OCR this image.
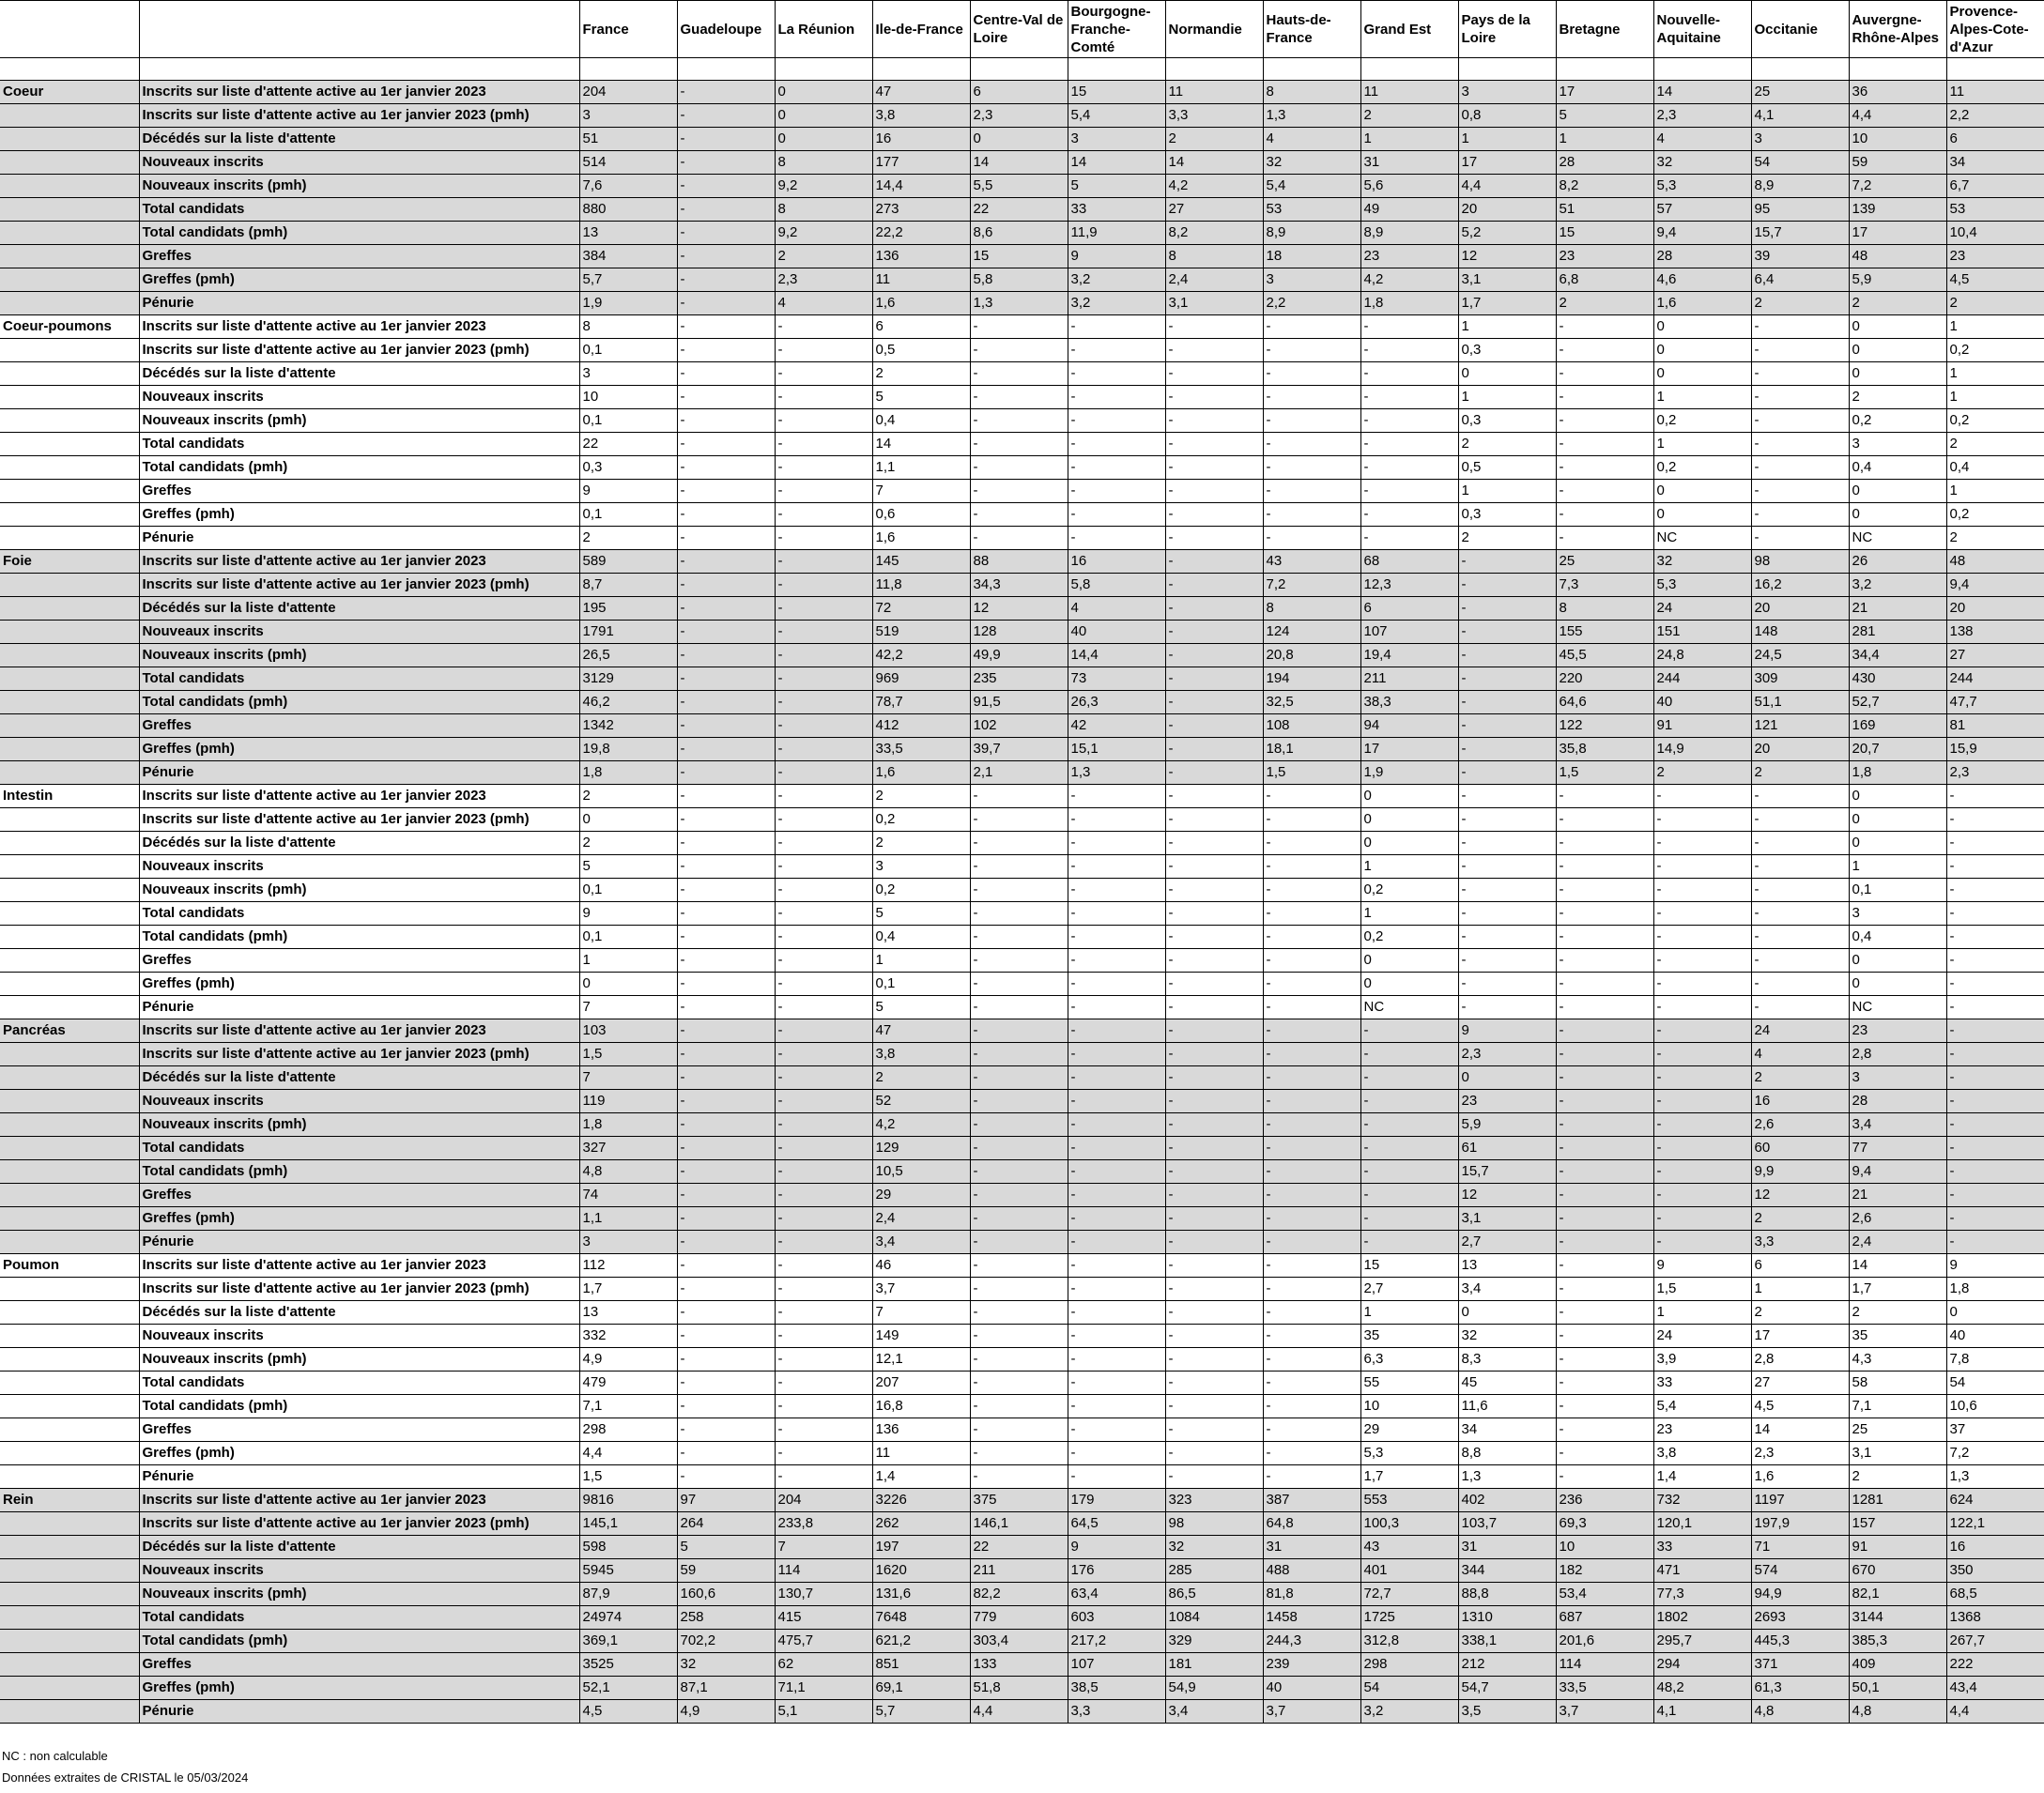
		France	Guadeloupe	La Réunion	Ile-de-France	Centre-Val de Loire	Bourgogne-Franche-Comté	Normandie	Hauts-de-France	Grand Est	Pays de la Loire	Bretagne	Nouvelle-Aquitaine	Occitanie	Auvergne-Rhône-Alpes	Provence-Alpes-Cote-d'Azur

Coeur	Inscrits sur liste d'attente active au 1er janvier 2023	204	-	0	47	6	15	11	8	11	3	17	14	25	36	11
	Inscrits sur liste d'attente active au 1er janvier 2023 (pmh)	3	-	0	3,8	2,3	5,4	3,3	1,3	2	0,8	5	2,3	4,1	4,4	2,2
	Décédés sur la liste d'attente	51	-	0	16	0	3	2	4	1	1	1	4	3	10	6
	Nouveaux inscrits	514	-	8	177	14	14	14	32	31	17	28	32	54	59	34
	Nouveaux inscrits (pmh)	7,6	-	9,2	14,4	5,5	5	4,2	5,4	5,6	4,4	8,2	5,3	8,9	7,2	6,7
	Total candidats	880	-	8	273	22	33	27	53	49	20	51	57	95	139	53
	Total candidats (pmh)	13	-	9,2	22,2	8,6	11,9	8,2	8,9	8,9	5,2	15	9,4	15,7	17	10,4
	Greffes	384	-	2	136	15	9	8	18	23	12	23	28	39	48	23
	Greffes (pmh)	5,7	-	2,3	11	5,8	3,2	2,4	3	4,2	3,1	6,8	4,6	6,4	5,9	4,5
	Pénurie	1,9	-	4	1,6	1,3	3,2	3,1	2,2	1,8	1,7	2	1,6	2	2	2
Coeur-poumons	Inscrits sur liste d'attente active au 1er janvier 2023	8	-	-	6	-	-	-	-	-	1	-	0	-	0	1
	Inscrits sur liste d'attente active au 1er janvier 2023 (pmh)	0,1	-	-	0,5	-	-	-	-	-	0,3	-	0	-	0	0,2
	Décédés sur la liste d'attente	3	-	-	2	-	-	-	-	-	0	-	0	-	0	1
	Nouveaux inscrits	10	-	-	5	-	-	-	-	-	1	-	1	-	2	1
	Nouveaux inscrits (pmh)	0,1	-	-	0,4	-	-	-	-	-	0,3	-	0,2	-	0,2	0,2
	Total candidats	22	-	-	14	-	-	-	-	-	2	-	1	-	3	2
	Total candidats (pmh)	0,3	-	-	1,1	-	-	-	-	-	0,5	-	0,2	-	0,4	0,4
	Greffes	9	-	-	7	-	-	-	-	-	1	-	0	-	0	1
	Greffes (pmh)	0,1	-	-	0,6	-	-	-	-	-	0,3	-	0	-	0	0,2
	Pénurie	2	-	-	1,6	-	-	-	-	-	2	-	NC	-	NC	2
Foie	Inscrits sur liste d'attente active au 1er janvier 2023	589	-	-	145	88	16	-	43	68	-	25	32	98	26	48
	Inscrits sur liste d'attente active au 1er janvier 2023 (pmh)	8,7	-	-	11,8	34,3	5,8	-	7,2	12,3	-	7,3	5,3	16,2	3,2	9,4
	Décédés sur la liste d'attente	195	-	-	72	12	4	-	8	6	-	8	24	20	21	20
	Nouveaux inscrits	1791	-	-	519	128	40	-	124	107	-	155	151	148	281	138
	Nouveaux inscrits (pmh)	26,5	-	-	42,2	49,9	14,4	-	20,8	19,4	-	45,5	24,8	24,5	34,4	27
	Total candidats	3129	-	-	969	235	73	-	194	211	-	220	244	309	430	244
	Total candidats (pmh)	46,2	-	-	78,7	91,5	26,3	-	32,5	38,3	-	64,6	40	51,1	52,7	47,7
	Greffes	1342	-	-	412	102	42	-	108	94	-	122	91	121	169	81
	Greffes (pmh)	19,8	-	-	33,5	39,7	15,1	-	18,1	17	-	35,8	14,9	20	20,7	15,9
	Pénurie	1,8	-	-	1,6	2,1	1,3	-	1,5	1,9	-	1,5	2	2	1,8	2,3
Intestin	Inscrits sur liste d'attente active au 1er janvier 2023	2	-	-	2	-	-	-	-	0	-	-	-	-	0	-
	Inscrits sur liste d'attente active au 1er janvier 2023 (pmh)	0	-	-	0,2	-	-	-	-	0	-	-	-	-	0	-
	Décédés sur la liste d'attente	2	-	-	2	-	-	-	-	0	-	-	-	-	0	-
	Nouveaux inscrits	5	-	-	3	-	-	-	-	1	-	-	-	-	1	-
	Nouveaux inscrits (pmh)	0,1	-	-	0,2	-	-	-	-	0,2	-	-	-	-	0,1	-
	Total candidats	9	-	-	5	-	-	-	-	1	-	-	-	-	3	-
	Total candidats (pmh)	0,1	-	-	0,4	-	-	-	-	0,2	-	-	-	-	0,4	-
	Greffes	1	-	-	1	-	-	-	-	0	-	-	-	-	0	-
	Greffes (pmh)	0	-	-	0,1	-	-	-	-	0	-	-	-	-	0	-
	Pénurie	7	-	-	5	-	-	-	-	NC	-	-	-	-	NC	-
Pancréas	Inscrits sur liste d'attente active au 1er janvier 2023	103	-	-	47	-	-	-	-	-	9	-	-	24	23	-
	Inscrits sur liste d'attente active au 1er janvier 2023 (pmh)	1,5	-	-	3,8	-	-	-	-	-	2,3	-	-	4	2,8	-
	Décédés sur la liste d'attente	7	-	-	2	-	-	-	-	-	0	-	-	2	3	-
	Nouveaux inscrits	119	-	-	52	-	-	-	-	-	23	-	-	16	28	-
	Nouveaux inscrits (pmh)	1,8	-	-	4,2	-	-	-	-	-	5,9	-	-	2,6	3,4	-
	Total candidats	327	-	-	129	-	-	-	-	-	61	-	-	60	77	-
	Total candidats (pmh)	4,8	-	-	10,5	-	-	-	-	-	15,7	-	-	9,9	9,4	-
	Greffes	74	-	-	29	-	-	-	-	-	12	-	-	12	21	-
	Greffes (pmh)	1,1	-	-	2,4	-	-	-	-	-	3,1	-	-	2	2,6	-
	Pénurie	3	-	-	3,4	-	-	-	-	-	2,7	-	-	3,3	2,4	-
Poumon	Inscrits sur liste d'attente active au 1er janvier 2023	112	-	-	46	-	-	-	-	15	13	-	9	6	14	9
	Inscrits sur liste d'attente active au 1er janvier 2023 (pmh)	1,7	-	-	3,7	-	-	-	-	2,7	3,4	-	1,5	1	1,7	1,8
	Décédés sur la liste d'attente	13	-	-	7	-	-	-	-	1	0	-	1	2	2	0
	Nouveaux inscrits	332	-	-	149	-	-	-	-	35	32	-	24	17	35	40
	Nouveaux inscrits (pmh)	4,9	-	-	12,1	-	-	-	-	6,3	8,3	-	3,9	2,8	4,3	7,8
	Total candidats	479	-	-	207	-	-	-	-	55	45	-	33	27	58	54
	Total candidats (pmh)	7,1	-	-	16,8	-	-	-	-	10	11,6	-	5,4	4,5	7,1	10,6
	Greffes	298	-	-	136	-	-	-	-	29	34	-	23	14	25	37
	Greffes (pmh)	4,4	-	-	11	-	-	-	-	5,3	8,8	-	3,8	2,3	3,1	7,2
	Pénurie	1,5	-	-	1,4	-	-	-	-	1,7	1,3	-	1,4	1,6	2	1,3
Rein	Inscrits sur liste d'attente active au 1er janvier 2023	9816	97	204	3226	375	179	323	387	553	402	236	732	1197	1281	624
	Inscrits sur liste d'attente active au 1er janvier 2023 (pmh)	145,1	264	233,8	262	146,1	64,5	98	64,8	100,3	103,7	69,3	120,1	197,9	157	122,1
	Décédés sur la liste d'attente	598	5	7	197	22	9	32	31	43	31	10	33	71	91	16
	Nouveaux inscrits	5945	59	114	1620	211	176	285	488	401	344	182	471	574	670	350
	Nouveaux inscrits (pmh)	87,9	160,6	130,7	131,6	82,2	63,4	86,5	81,8	72,7	88,8	53,4	77,3	94,9	82,1	68,5
	Total candidats	24974	258	415	7648	779	603	1084	1458	1725	1310	687	1802	2693	3144	1368
	Total candidats (pmh)	369,1	702,2	475,7	621,2	303,4	217,2	329	244,3	312,8	338,1	201,6	295,7	445,3	385,3	267,7
	Greffes	3525	32	62	851	133	107	181	239	298	212	114	294	371	409	222
	Greffes (pmh)	52,1	87,1	71,1	69,1	51,8	38,5	54,9	40	54	54,7	33,5	48,2	61,3	50,1	43,4
	Pénurie	4,5	4,9	5,1	5,7	4,4	3,3	3,4	3,7	3,2	3,5	3,7	4,1	4,8	4,8	4,4
NC : non calculable
Données extraites de CRISTAL le 05/03/2024
